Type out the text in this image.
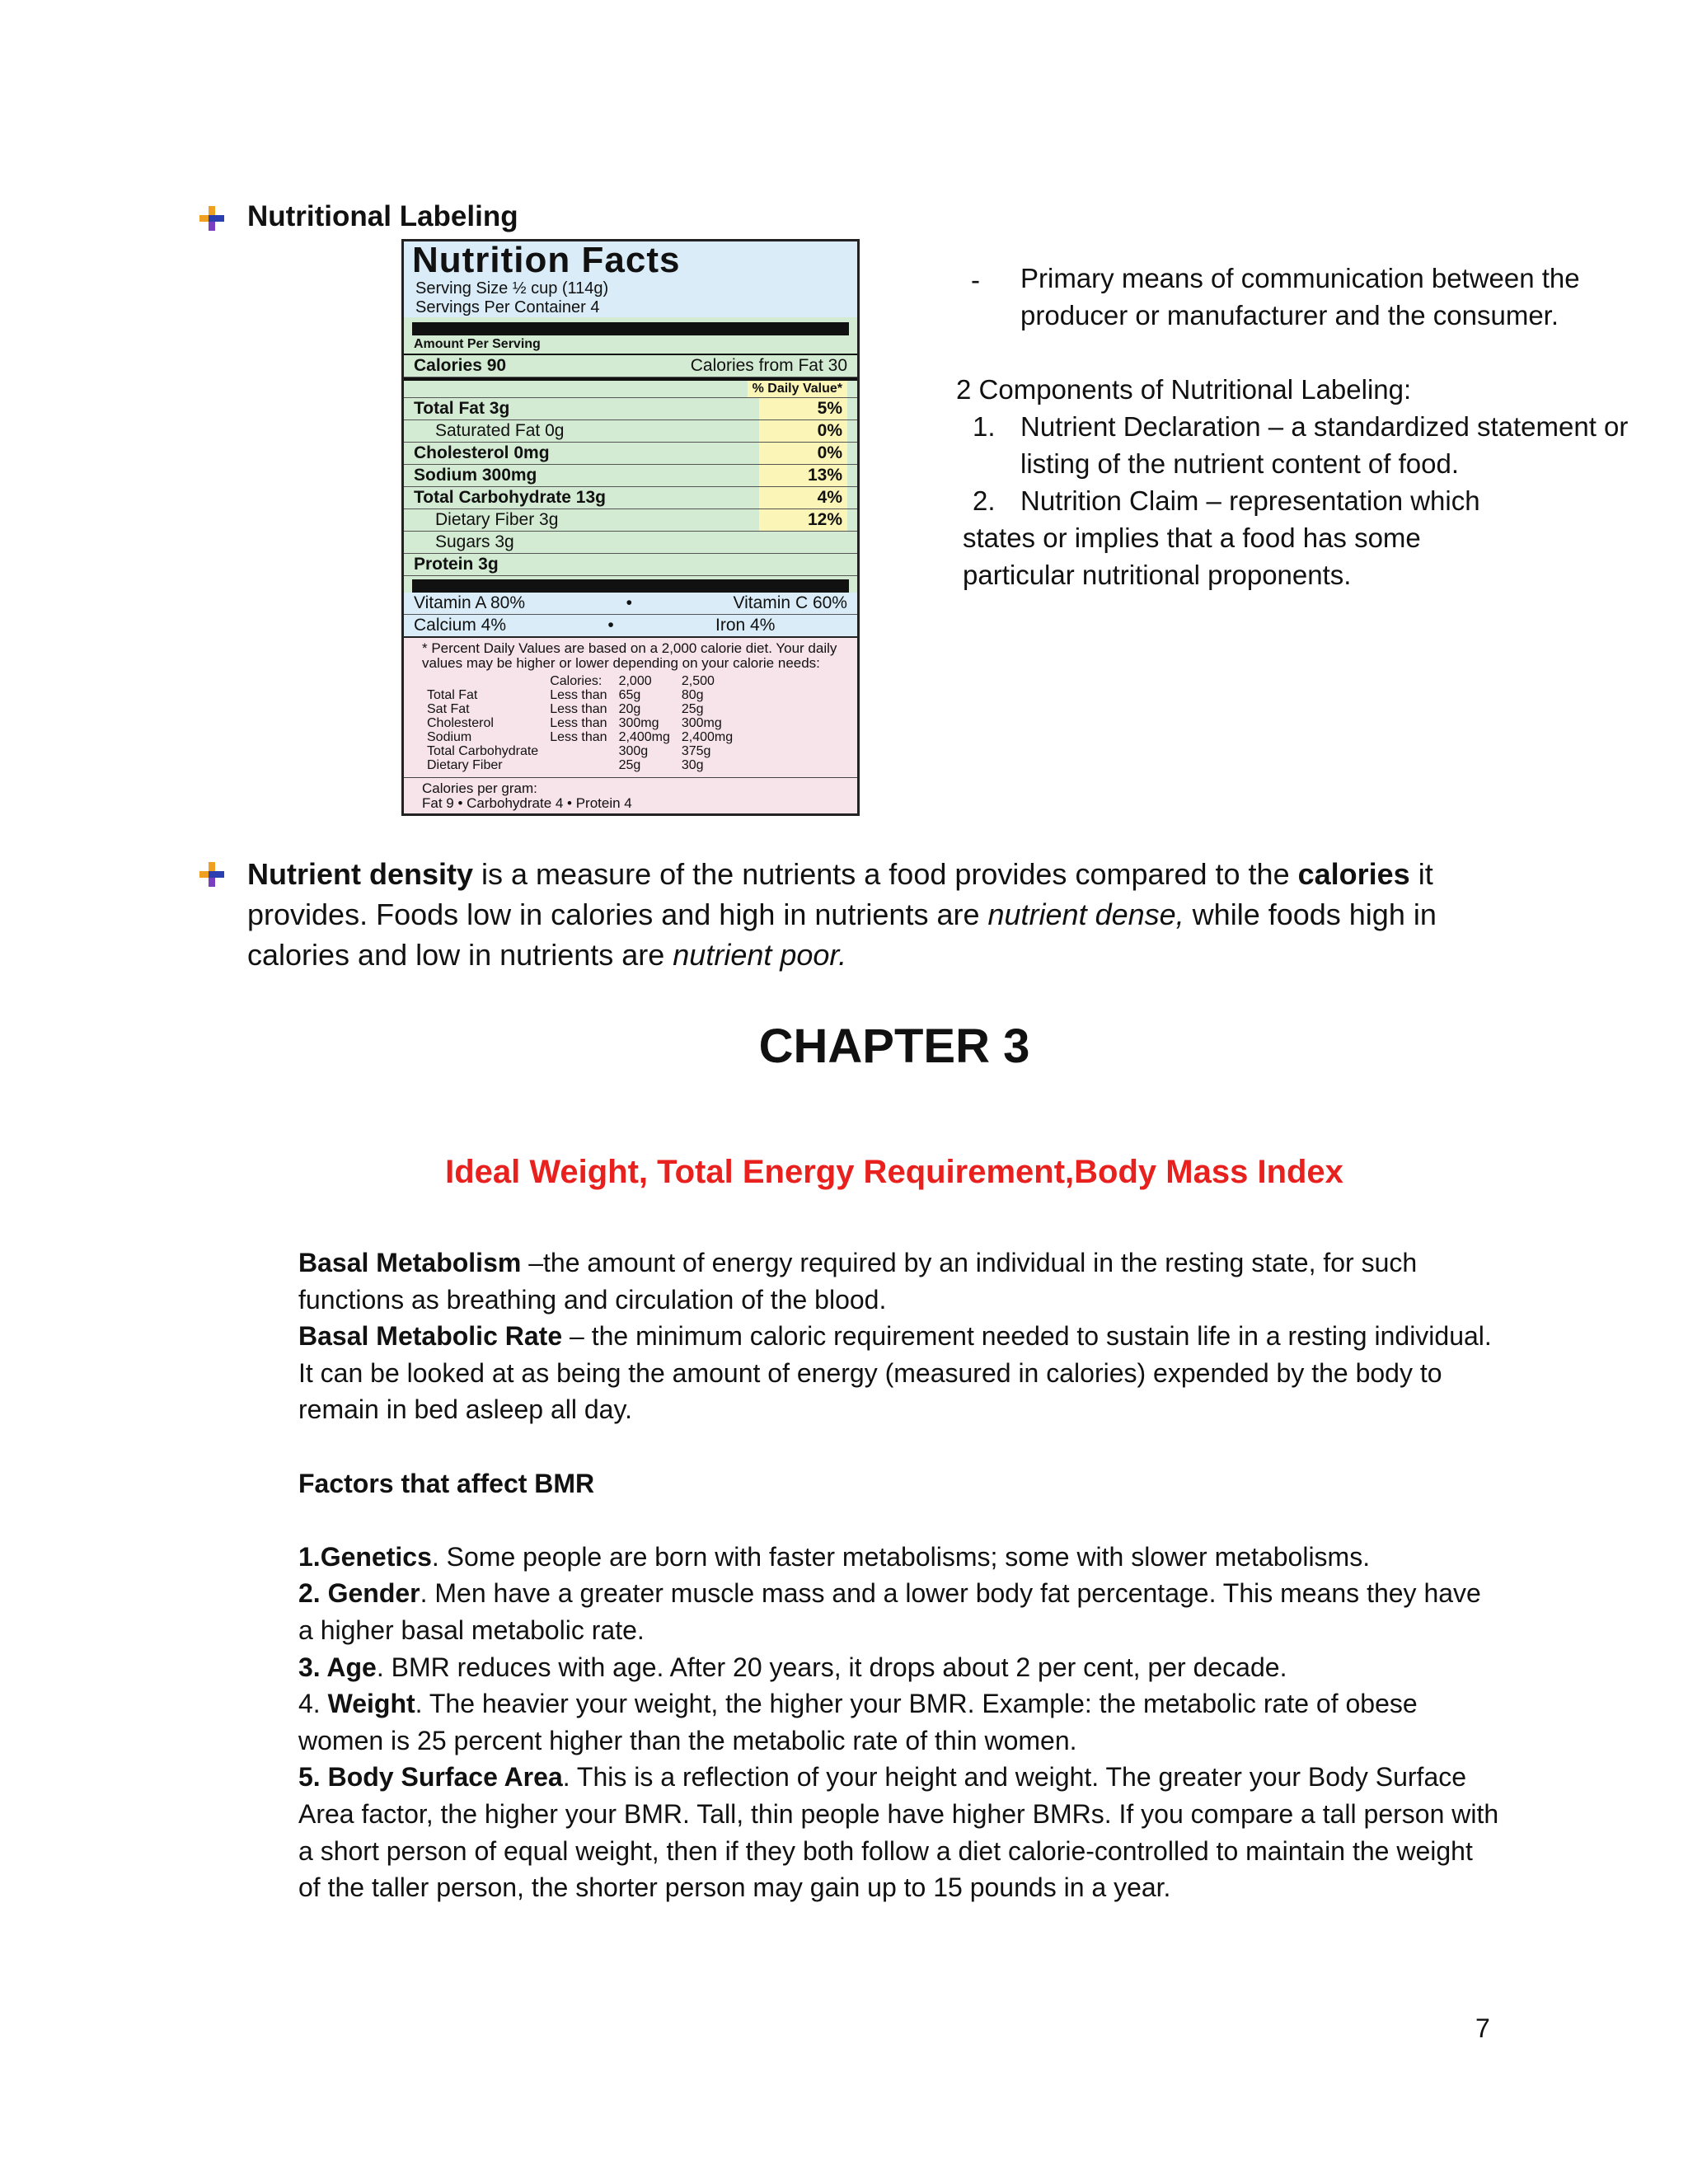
Nutritional Labeling
Nutrition Facts
Serving Size ½ cup (114g)
Servings Per Container 4
Amount Per Serving
Calories 90	Calories from Fat 30
% Daily Value*
Total Fat 3g	5%
Saturated Fat 0g	0%
Cholesterol 0mg	0%
Sodium 300mg	13%
Total Carbohydrate 13g	4%
Dietary Fiber 3g	12%
Sugars 3g
Protein 3g
Vitamin A 80%	•	Vitamin C 60%
Calcium 4%	•	Iron 4%
* Percent Daily Values are based on a 2,000 calorie diet. Your daily values may be higher or lower depending on your calorie needs:
	Calories:	2,000	2,500
Total Fat	Less than	65g	80g
Sat Fat	Less than	20g	25g
Cholesterol	Less than	300mg	300mg
Sodium	Less than	2,400mg	2,400mg
Total Carbohydrate		300g	375g
Dietary Fiber		25g	30g
Calories per gram:
Fat 9 • Carbohydrate 4 • Protein 4
- Primary means of communication between the producer or manufacturer and the consumer.
2 Components of Nutritional Labeling:
1. Nutrient Declaration – a standardized statement or listing of the nutrient content of food.
2. Nutrition Claim – representation which
states or implies that a food has some particular nutritional proponents.
Nutrient density is a measure of the nutrients a food provides compared to the calories it provides. Foods low in calories and high in nutrients are nutrient dense, while foods high in calories and low in nutrients are nutrient poor.
CHAPTER 3
Ideal Weight, Total Energy Requirement,Body Mass Index
Basal Metabolism –the amount of energy required by an individual in the resting state, for such functions as breathing and circulation of the blood.
Basal Metabolic Rate – the minimum caloric requirement needed to sustain life in a resting individual. It can be looked at as being the amount of energy (measured in calories) expended by the body to remain in bed asleep all day.
Factors that affect BMR
1.Genetics. Some people are born with faster metabolisms; some with slower metabolisms.
2. Gender. Men have a greater muscle mass and a lower body fat percentage. This means they have a higher basal metabolic rate.
3. Age. BMR reduces with age. After 20 years, it drops about 2 per cent, per decade.
4. Weight. The heavier your weight, the higher your BMR. Example: the metabolic rate of obese women is 25 percent higher than the metabolic rate of thin women.
5. Body Surface Area. This is a reflection of your height and weight. The greater your Body Surface Area factor, the higher your BMR. Tall, thin people have higher BMRs. If you compare a tall person with a short person of equal weight, then if they both follow a diet calorie-controlled to maintain the weight of the taller person, the shorter person may gain up to 15 pounds in a year.
7
